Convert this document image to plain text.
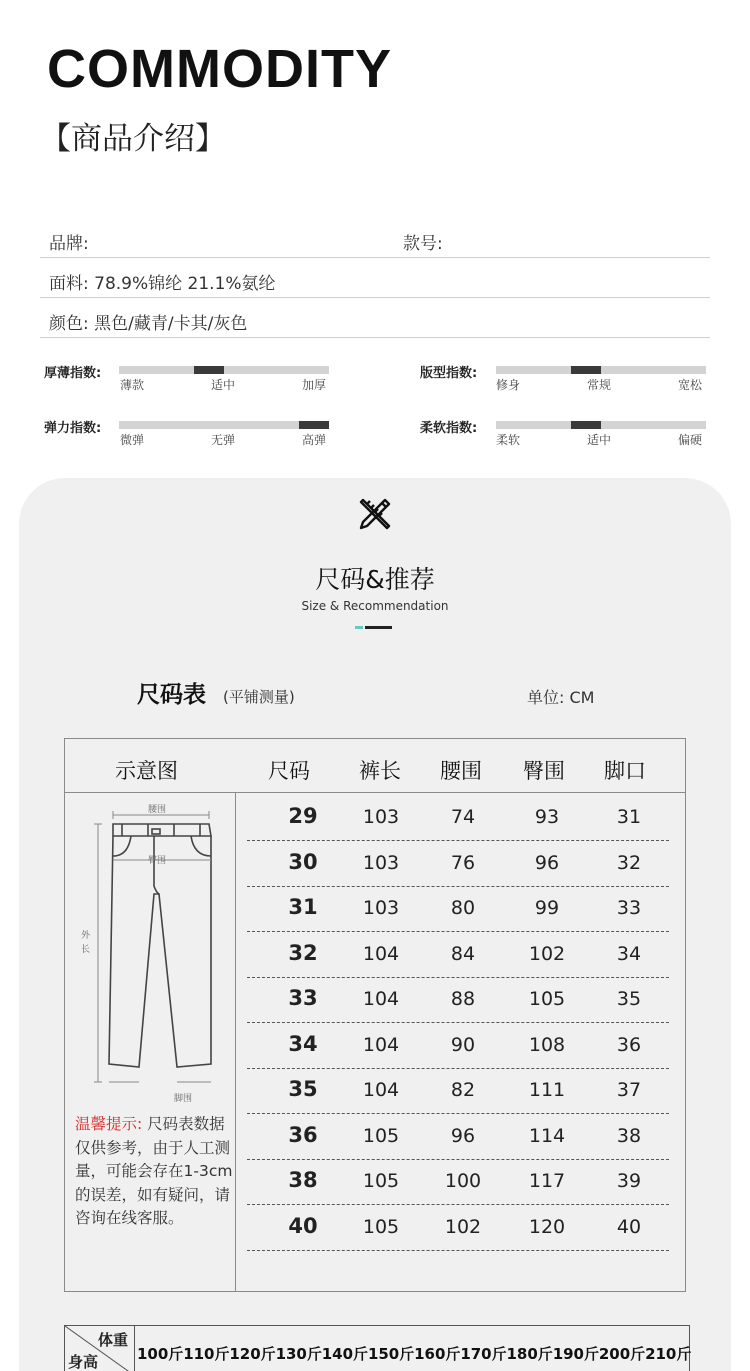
COMMODITY
【商品介绍】
品牌:	款号:
面料: 78.9%锦纶 21.1%氨纶
颜色: 黑色/藏青/卡其/灰色
厚薄指数:
薄款	适中	加厚
版型指数:
修身	常规	宽松
弹力指数:
微弹	无弹	高弹
柔软指数:
柔软	适中	偏硬
尺码&推荐
Size & Recommendation
尺码表 (平铺测量)	单位: CM
示意图	尺码 裤长 腰围 臀围 脚口
29	103	74	93	31
30	103	76	96	32
31	103	80	99	33
32	104	84	102	34
33	104	88	105	35
34	104	90	108	36
35	104	82	111	37
36	105	96	114	38
38	105	100	117	39
40	105	102	120	40
腰围
臀围
外 长
脚围
温馨提示: 尺码表数据仅供参考，由于人工测量，可能会存在1-3cm的误差，如有疑问，请咨询在线客服。
体重
身高	100斤110斤120斤130斤140斤150斤160斤170斤180斤190斤200斤210斤
